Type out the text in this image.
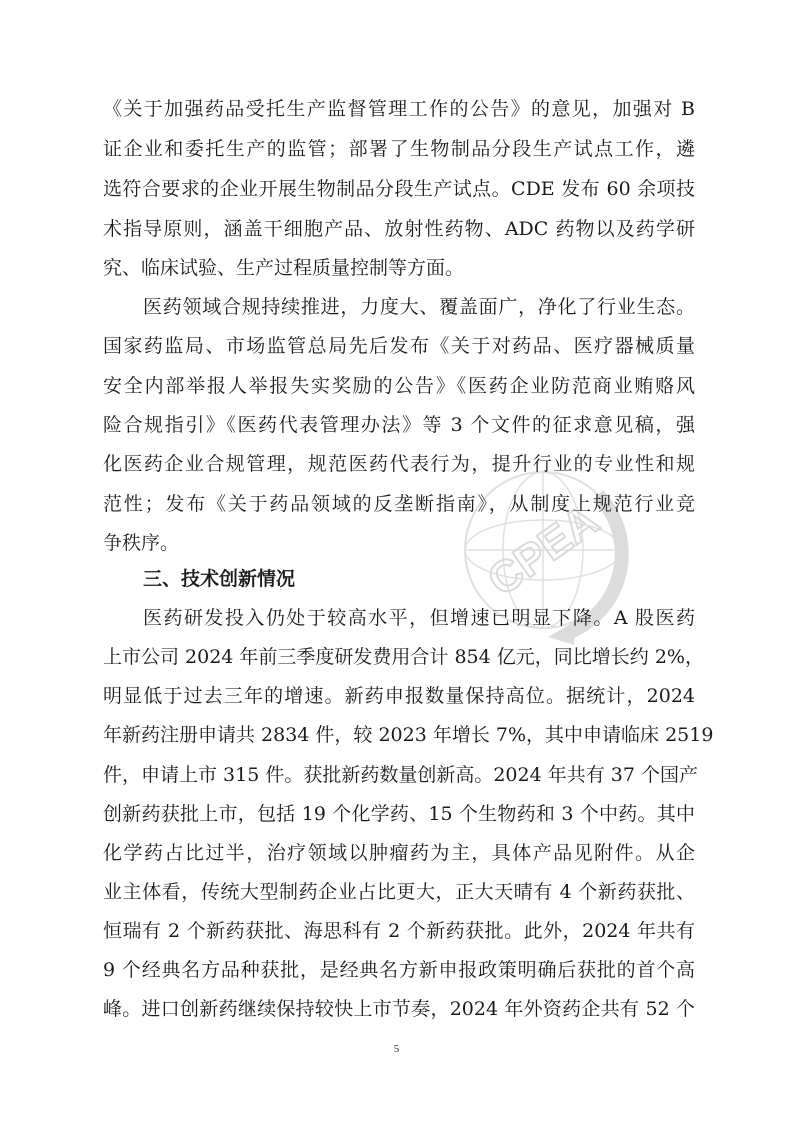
CPEA
《关于加强药品受托生产监督管理工作的公告》的意见，加强对 B
证企业和委托生产的监管；部署了生物制品分段生产试点工作，遴
选符合要求的企业开展生物制品分段生产试点。CDE 发布 60 余项技
术指导原则，涵盖干细胞产品、放射性药物、ADC 药物以及药学研
究、临床试验、生产过程质量控制等方面。
医药领域合规持续推进，力度大、覆盖面广，净化了行业生态。
国家药监局、市场监管总局先后发布《关于对药品、医疗器械质量
安全内部举报人举报失实奖励的公告》《医药企业防范商业贿赂风
险合规指引》《医药代表管理办法》等 3 个文件的征求意见稿，强
化医药企业合规管理，规范医药代表行为，提升行业的专业性和规
范性；发布《关于药品领域的反垄断指南》，从制度上规范行业竞
争秩序。
三、技术创新情况
医药研发投入仍处于较高水平，但增速已明显下降。A 股医药
上市公司 2024 年前三季度研发费用合计 854 亿元，同比增长约 2%，
明显低于过去三年的增速。新药申报数量保持高位。据统计，2024
年新药注册申请共 2834 件，较 2023 年增长 7%，其中申请临床 2519
件，申请上市 315 件。获批新药数量创新高。2024 年共有 37 个国产
创新药获批上市，包括 19 个化学药、15 个生物药和 3 个中药。其中
化学药占比过半，治疗领域以肿瘤药为主，具体产品见附件。从企
业主体看，传统大型制药企业占比更大，正大天晴有 4 个新药获批、
恒瑞有 2 个新药获批、海思科有 2 个新药获批。此外，2024 年共有
9 个经典名方品种获批，是经典名方新申报政策明确后获批的首个高
峰。进口创新药继续保持较快上市节奏，2024 年外资药企共有 52 个
5
